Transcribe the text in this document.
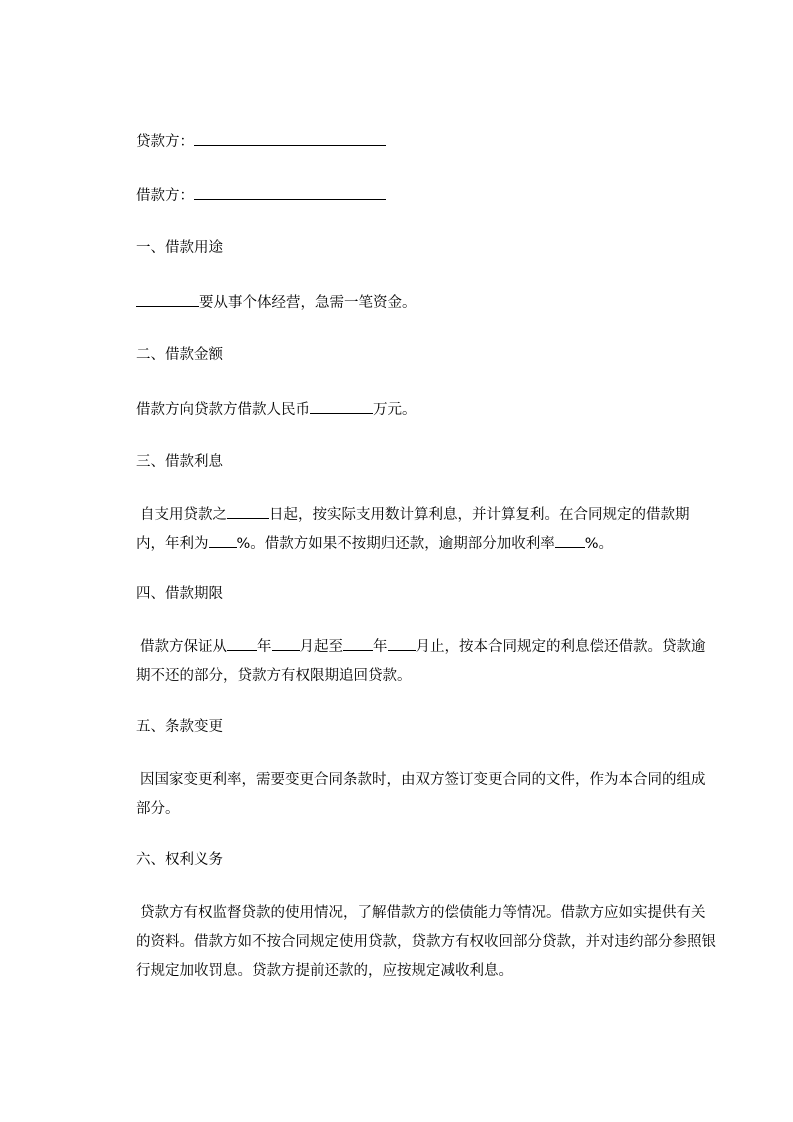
贷款方：
借款方：
一、借款用途
要从事个体经营，急需一笔资金。
二、借款金额
借款方向贷款方借款人民币	万元。
三、借款利息
自支用贷款之	日起，按实际支用数计算利息，并计算复利。在合同规定的借款期内，年利为 %。借款方如果不按期归还款，逾期部分加收利率 %。
四、借款期限
借款方保证从 年 月起至 年 月止，按本合同规定的利息偿还借款。贷款逾期不还的部分，贷款方有权限期追回贷款。
五、条款变更
因国家变更利率，需要变更合同条款时，由双方签订变更合同的文件，作为本合同的组成部分。
六、权利义务
贷款方有权监督贷款的使用情况，了解借款方的偿债能力等情况。借款方应如实提供有关的资料。借款方如不按合同规定使用贷款，贷款方有权收回部分贷款，并对违约部分参照银行规定加收罚息。贷款方提前还款的，应按规定减收利息。
